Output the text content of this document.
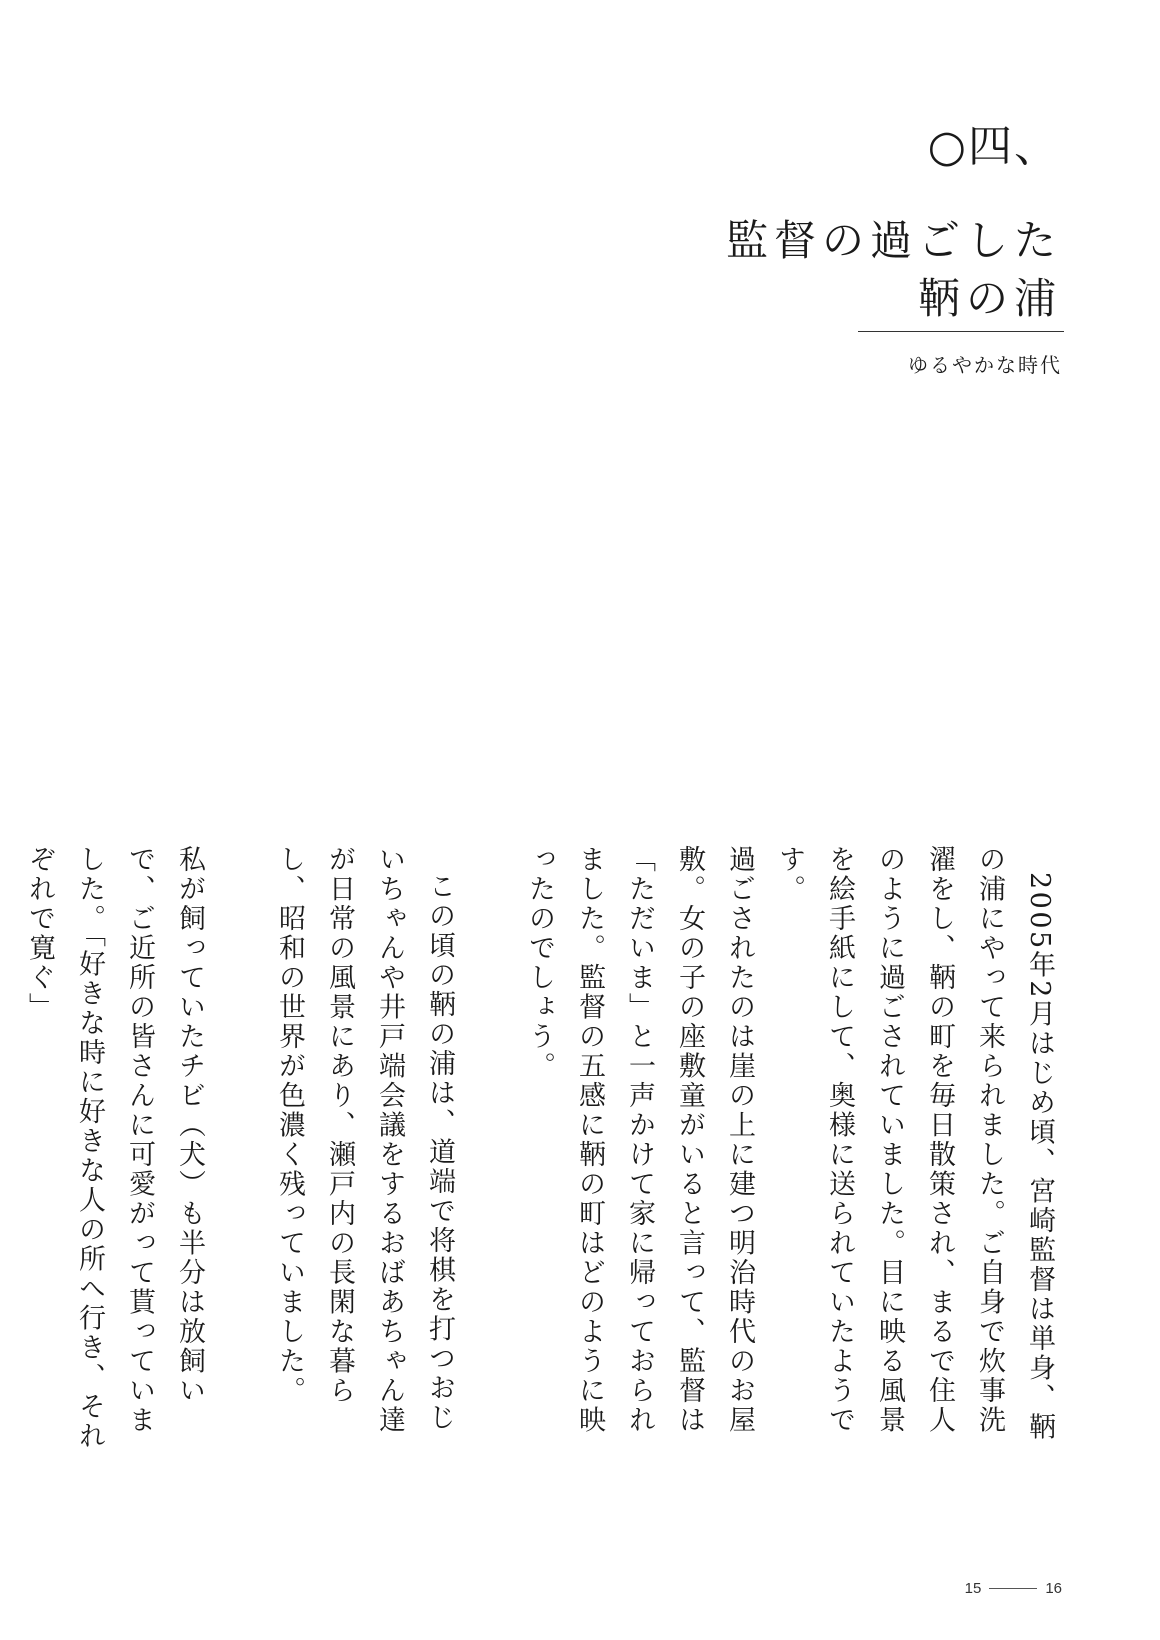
○四、
監督の過ごした
鞆の浦
ゆるやかな時代

2005年2月はじめ頃、宮崎監督は単身、鞆の浦にやって来られました。ご自身で炊事洗濯をし、鞆の町を毎日散策され、まるで住人のように過ごされていました。目に映る風景を絵手紙にして、奥様に送られていたようです。

過ごされたのは崖の上に建つ明治時代のお屋敷。女の子の座敷童がいると言って、監督は「ただいま」と一声かけて家に帰っておられました。監督の五感に鞆の町はどのように映ったのでしょう。

この頃の鞆の浦は、道端で将棋を打つおじいちゃんや井戸端会議をするおばあちゃん達が日常の風景にあり、瀬戸内の長閑な暮らし、昭和の世界が色濃く残っていました。

私が飼っていたチビ（犬）も半分は放飼いで、ご近所の皆さんに可愛がって貰っていました。「好きな時に好きな人の所へ行き、それぞれで寛ぐ」

15	16
